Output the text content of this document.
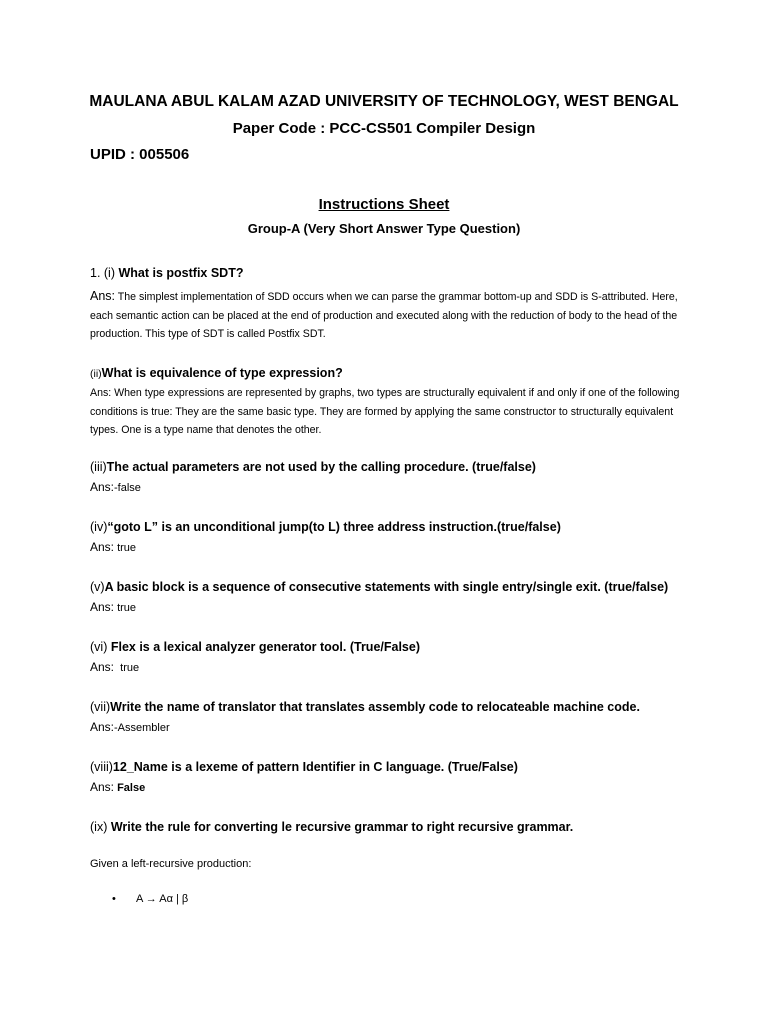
MAULANA ABUL KALAM AZAD UNIVERSITY OF TECHNOLOGY, WEST BENGAL
Paper Code : PCC-CS501 Compiler Design
UPID : 005506
Instructions Sheet
Group-A (Very Short Answer Type Question)
1. (i) What is postfix SDT?
Ans: The simplest implementation of SDD occurs when we can parse the grammar bottom-up and SDD is S-attributed. Here, each semantic action can be placed at the end of production and executed along with the reduction of body to the head of the production. This type of SDT is called Postfix SDT.
(ii)What is equivalence of type expression?
Ans: When type expressions are represented by graphs, two types are structurally equivalent if and only if one of the following conditions is true: They are the same basic type. They are formed by applying the same constructor to structurally equivalent types. One is a type name that denotes the other.
(iii)The actual parameters are not used by the calling procedure. (true/false)
Ans:-false
(iv)“goto L” is an unconditional jump(to L) three address instruction.(true/false)
Ans: true
(v)A basic block is a sequence of consecutive statements with single entry/single exit. (true/false)
Ans: true
(vi) Flex is a lexical analyzer generator tool. (True/False)
Ans: true
(vii)Write the name of translator that translates assembly code to relocateable machine code.
Ans:-Assembler
(viii)12_Name is a lexeme of pattern Identifier in C language. (True/False)
Ans: False
(ix) Write the rule for converting le recursive grammar to right recursive grammar.
Given a left-recursive production:
• A → Aα | β
